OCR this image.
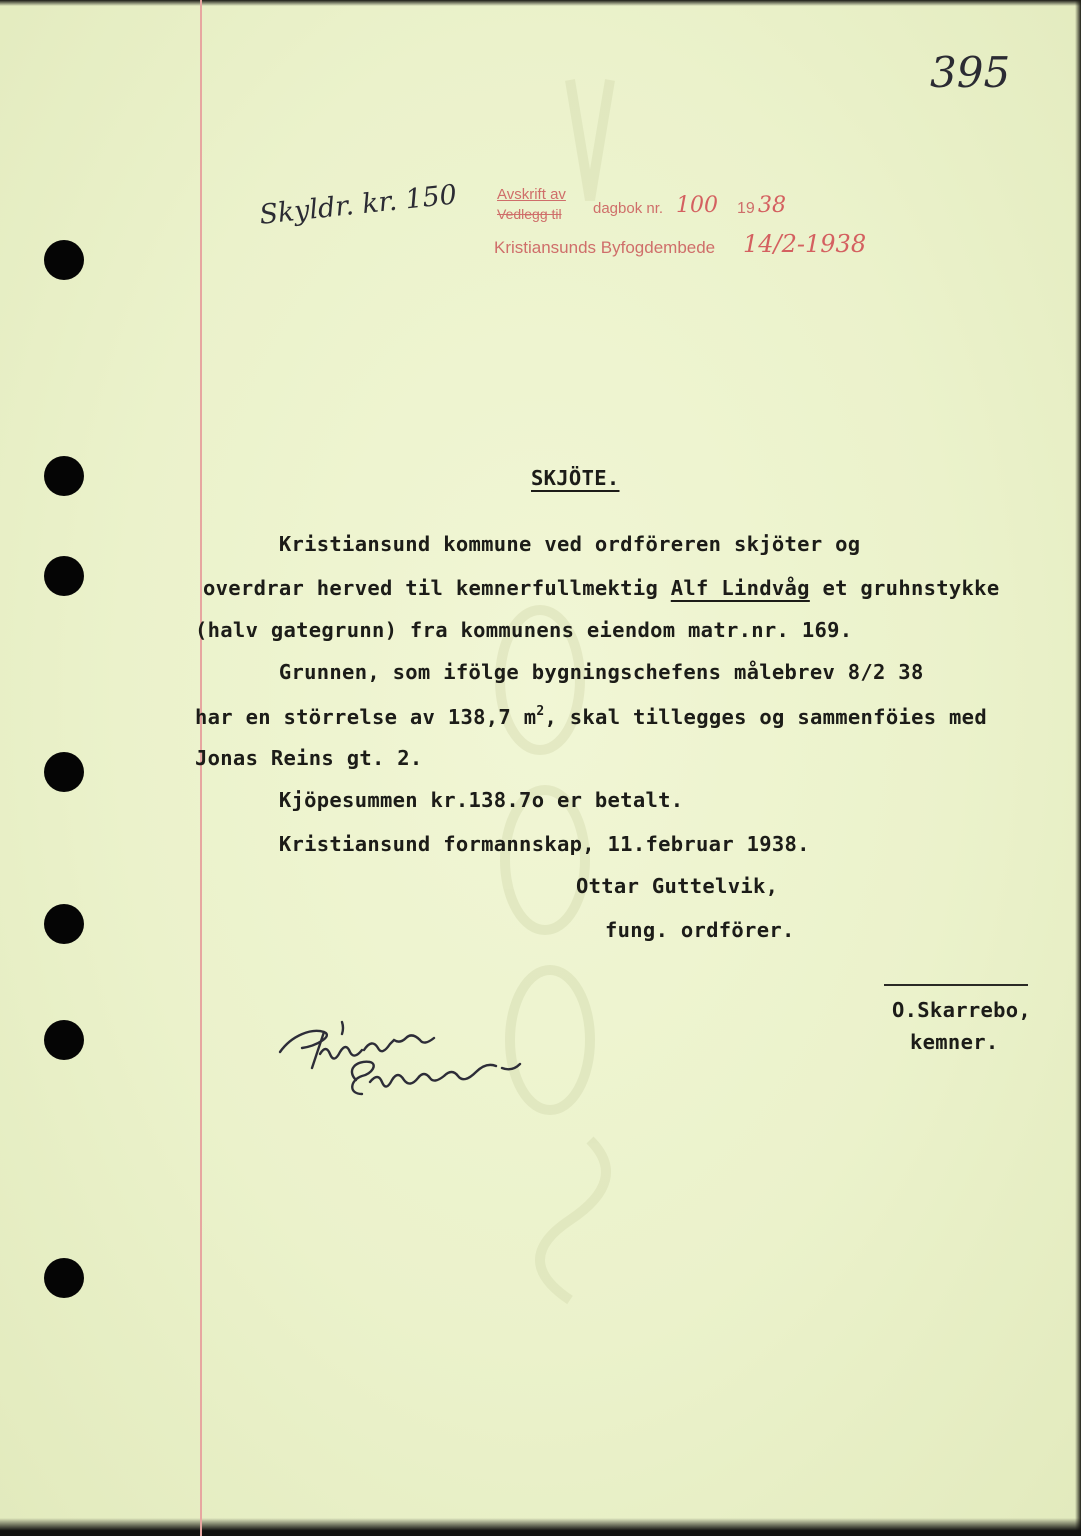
395
Skyldr. kr. 150	Avskrift av
Vedlegg til dagbok nr. 100 19 38
Kristiansunds Byfogdembede 14/2-1938
SKJÖTE.
Kristiansund kommune ved ordföreren skjöter og
overdrar herved til kemnerfullmektig Alf Lindvåg et gruhnstykke
(halv gategrunn) fra kommunens eiendom matr.nr. 169.
Grunnen, som ifölge bygningschefens målebrev 8/2 38
har en störrelse av 138,7 $m^2$, skal tillegges og sammenföies med
Jonas Reins gt. 2.
Kjöpesummen kr.138.7o er betalt.
Kristiansund formannskap, 11.februar 1938.
Ottar Guttelvik,
fung. ordförer.
O.Skarrebo,
kemner.
